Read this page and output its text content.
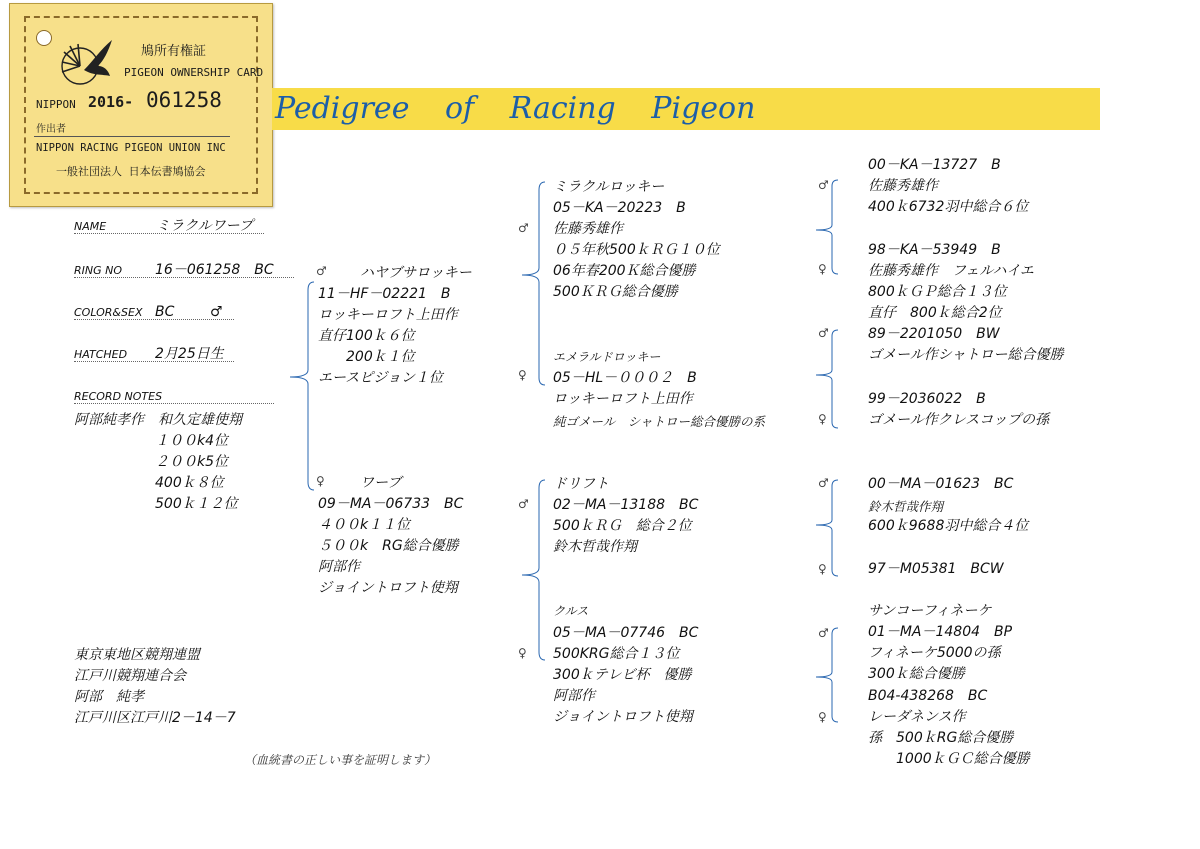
鳩所有権証
PIGEON OWNERSHIP CARD
NIPPON 2016- 061258
作出者
NIPPON RACING PIGEON UNION INC
一般社団法人 日本伝書鳩協会
Pedigree of Racing Pigeon
NAME	ミラクルワープ
RING NO	16－061258　BC
COLOR&SEX BC	♂
HATCHED	2月25日生
RECORD NOTES
阿部純孝作　和久定雄使翔
１００k4位
２００k5位
400ｋ８位
500ｋ１２位
東京東地区競翔連盟
江戸川競翔連合会
阿部　純孝
江戸川区江戸川2－14－7
（血統書の正しい事を証明します）
♂ ハヤブサロッキー
11－HF－02221　B
ロッキーロフト上田作
直仔100ｋ６位
　　200ｋ１位
エースピジョン１位
♀	ワーブ
09－MA－06733　BC
４００k１１位
５００k　RG総合優勝
阿部作
ジョイントロフト使翔
♂
ミラクルロッキー
05－KA－20223　B
佐藤秀雄作
０５年秋500ｋＲＧ１０位
06年春200Ｋ総合優勝
500ＫＲＧ総合優勝
♀
エメラルドロッキー
05－HL－０００２　B
ロッキーロフト上田作
純ゴメール　シャトロー総合優勝の系
♂
ドリフト
02－MA－13188　BC
500ｋＲＧ　総合２位
鈴木哲哉作翔
♀
クルス
05－MA－07746　BC
500KRG総合１３位
300ｋテレビ杯　優勝
阿部作
ジョイントロフト使翔
♂
00－KA－13727　B
佐藤秀雄作
400ｋ6732羽中総合６位
♀
98－KA－53949　B
佐藤秀雄作　フェルハイエ
800ｋＧＰ総合１３位
直仔　800ｋ総合2位
♂	89－2201050　BW
ゴメール作シャトロー総合優勝
♀
99－2036022　B
ゴメール作クレスコップの孫
♂	00－MA－01623　BC
鈴木哲哉作翔
600ｋ9688羽中総合４位
♀	97－M05381　BCW
♂
サンコーフィネーケ
01－MA－14804　BP
フィネーケ5000の孫
300ｋ総合優勝
♀
B04-438268　BC
レーダネンス作
孫　500ｋRG総合優勝
　　1000ｋＧＣ総合優勝
